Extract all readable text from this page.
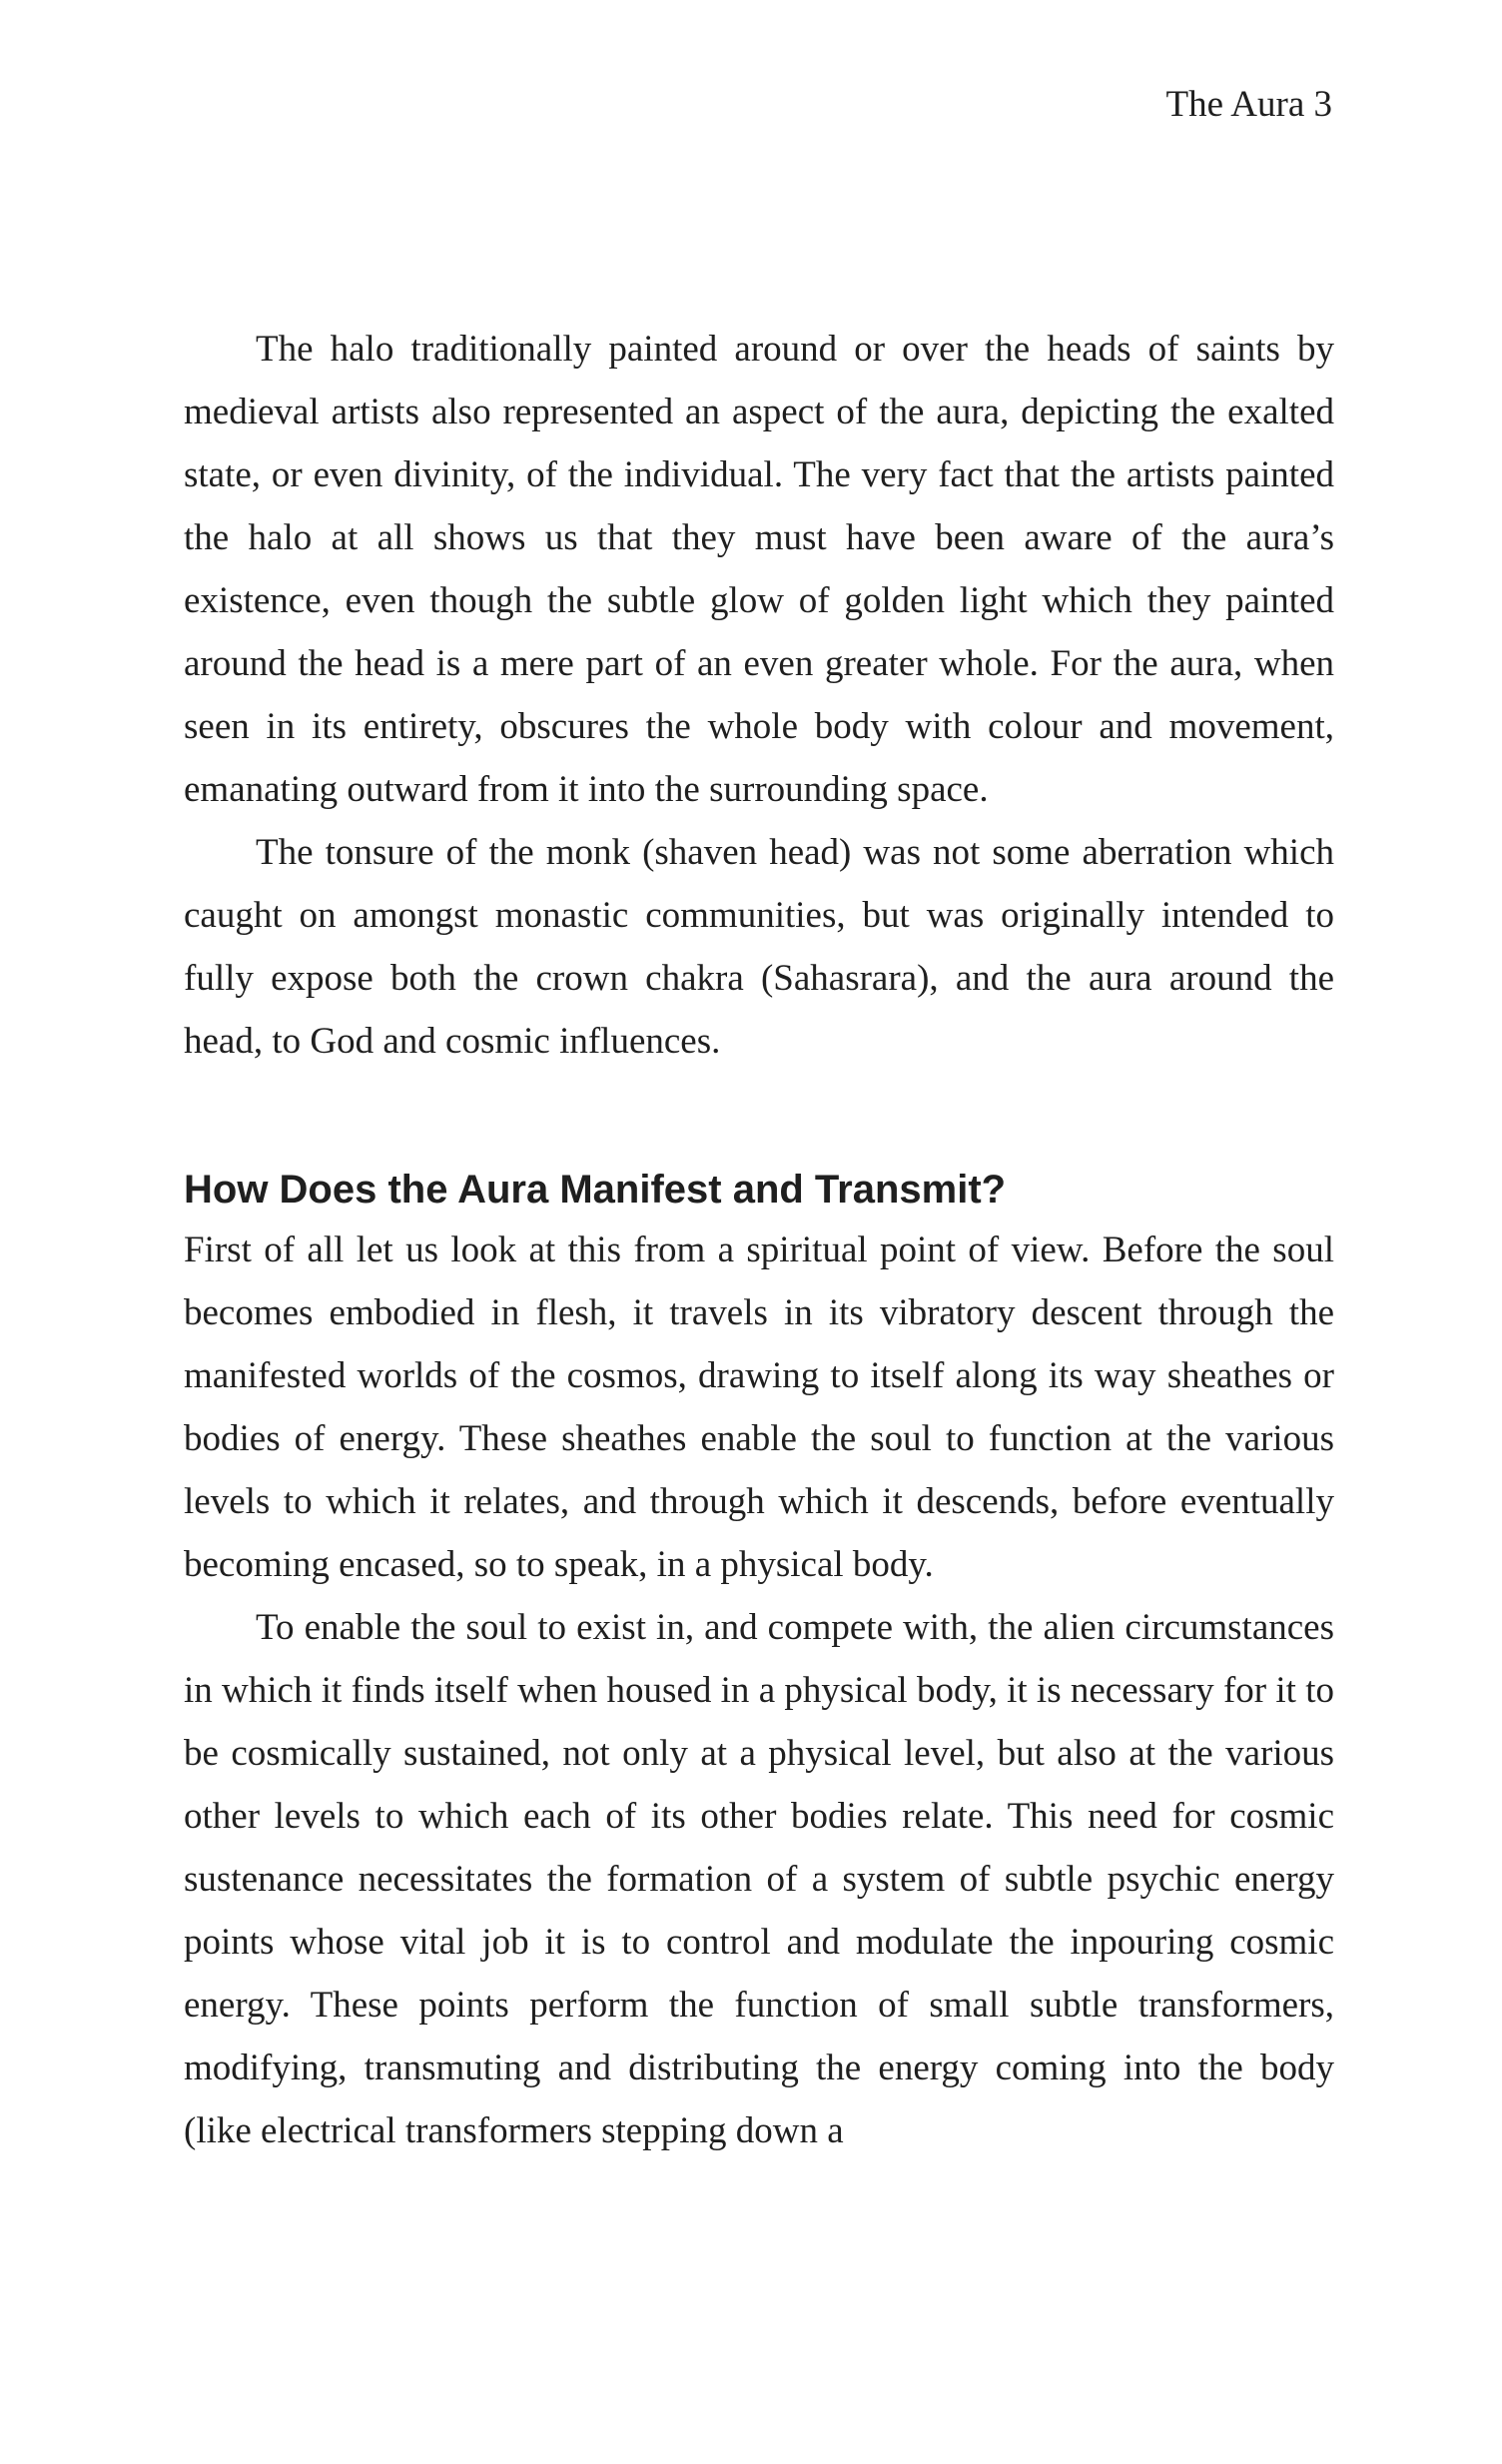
The Aura 3

The halo traditionally painted around or over the heads of saints by medieval artists also represented an aspect of the aura, depicting the exalted state, or even divinity, of the individual. The very fact that the artists painted the halo at all shows us that they must have been aware of the aura’s existence, even though the subtle glow of golden light which they painted around the head is a mere part of an even greater whole. For the aura, when seen in its entirety, obscures the whole body with colour and movement, emanating outward from it into the surrounding space.

The tonsure of the monk (shaven head) was not some aberration which caught on amongst monastic communities, but was originally intended to fully expose both the crown chakra (Sahasrara), and the aura around the head, to God and cosmic influences.

How Does the Aura Manifest and Transmit?

First of all let us look at this from a spiritual point of view. Before the soul becomes embodied in flesh, it travels in its vibratory descent through the manifested worlds of the cosmos, drawing to itself along its way sheathes or bodies of energy. These sheathes enable the soul to function at the various levels to which it relates, and through which it descends, before eventually becoming encased, so to speak, in a physical body.

To enable the soul to exist in, and compete with, the alien circumstances in which it finds itself when housed in a physical body, it is necessary for it to be cosmically sustained, not only at a physical level, but also at the various other levels to which each of its other bodies relate. This need for cosmic sustenance necessitates the formation of a system of subtle psychic energy points whose vital job it is to control and modulate the inpouring cosmic energy. These points perform the function of small subtle transformers, modifying, transmuting and distributing the energy coming into the body (like electrical transformers stepping down a
